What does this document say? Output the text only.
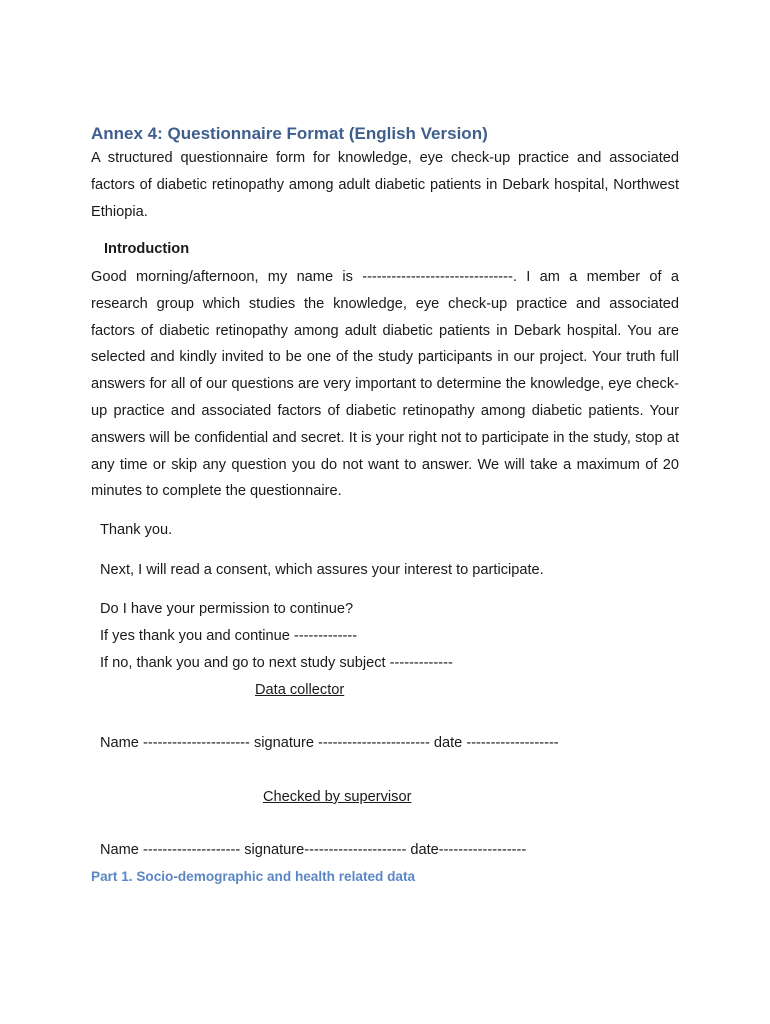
Annex 4: Questionnaire Format (English Version)

A structured questionnaire form for knowledge, eye check-up practice and associated factors of diabetic retinopathy among adult diabetic patients in Debark hospital, Northwest Ethiopia.

Introduction

Good morning/afternoon, my name is -------------------------------. I am a member of a research group which studies the knowledge, eye check-up practice and associated factors of diabetic retinopathy among adult diabetic patients in Debark hospital. You are selected and kindly invited to be one of the study participants in our project. Your truth full answers for all of our questions are very important to determine the knowledge, eye check-up practice and associated factors of diabetic retinopathy among diabetic patients. Your answers will be confidential and secret. It is your right not to participate in the study, stop at any time or skip any question you do not want to answer. We will take a maximum of 20 minutes to complete the questionnaire.

Thank you.

Next, I will read a consent, which assures your interest to participate.

Do I have your permission to continue?

If yes thank you and continue -------------

If no, thank you and go to next study subject -------------

Data collector

Name ---------------------- signature ----------------------- date -------------------

Checked by supervisor

Name -------------------- signature--------------------- date------------------

Part 1. Socio-demographic and health related data
